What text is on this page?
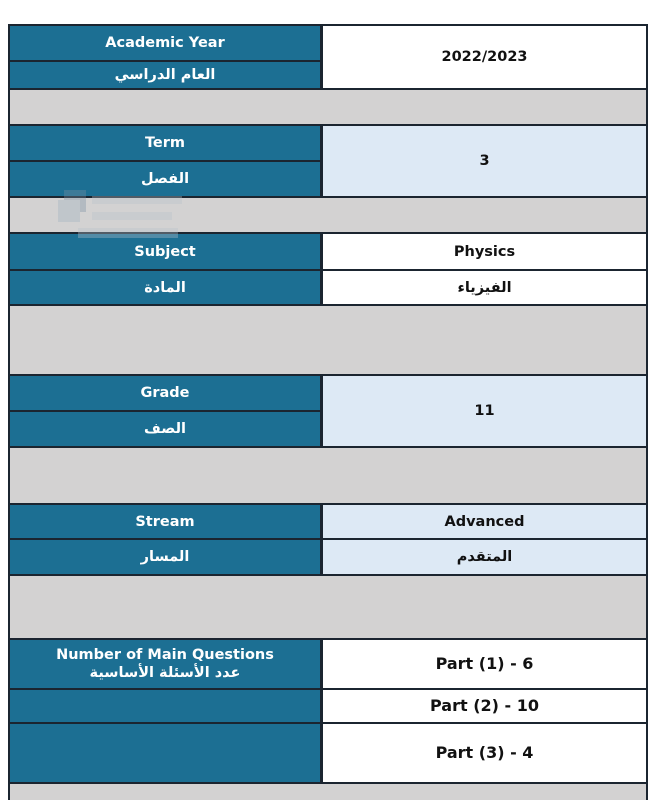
Academic Year
العام الدراسي
2022/2023
Term
الفصل
3
Subject	Physics
المادة	الفيزياء
Grade
الصف
11
Stream	Advanced
المسار	المتقدم
Number of Main Questions
عدد الأسئلة الأساسية	Part (1) - 6
Part (2) - 10
Part (3) - 4
